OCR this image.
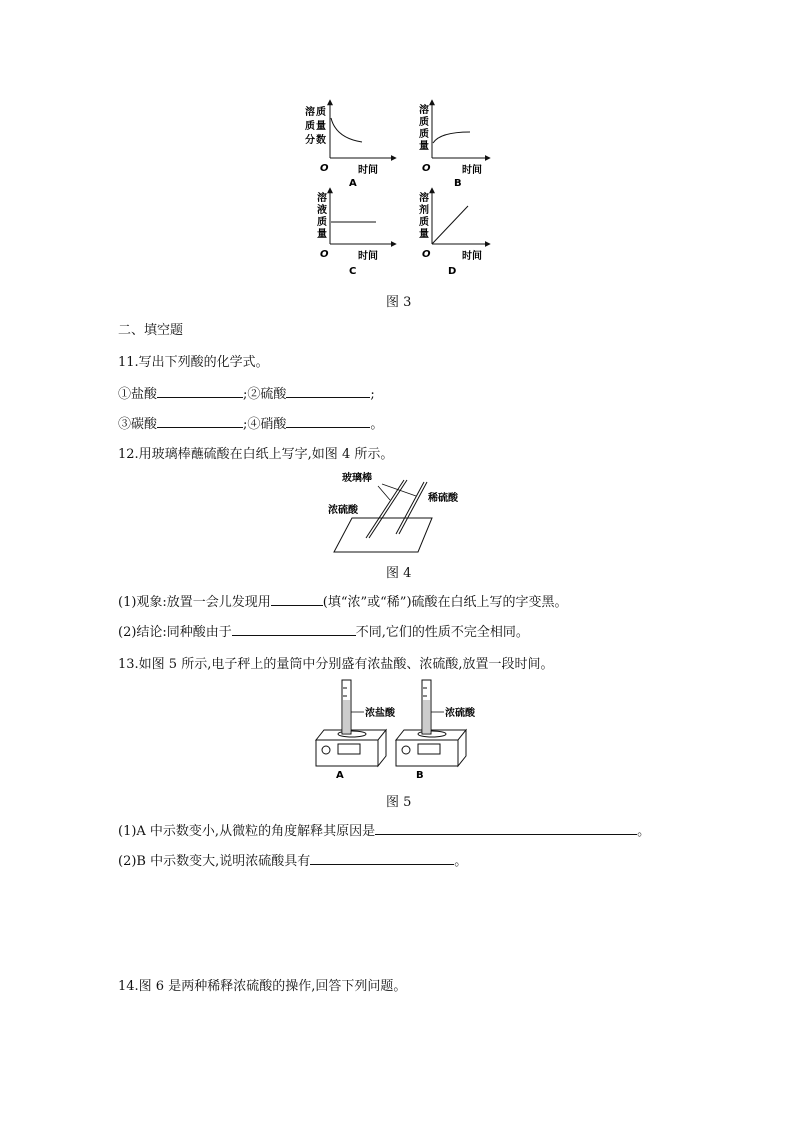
溶 质
质 量
分 数
O	时间
A
溶
质
质
量
O	时间
B
溶
液
质
量
O	时间
C
溶
剂
质
量
O	时间
D
图 3
二、填空题
11.写出下列酸的化学式。
①盐酸	;②硫酸	;
③碳酸	;④硝酸	。
12.用玻璃棒蘸硫酸在白纸上写字,如图 4 所示。
玻璃棒
稀硫酸
浓硫酸
图 4
(1)观象:放置一会儿发现用	(填“浓”或“稀”)硫酸在白纸上写的字变黑。
(2)结论:同种酸由于	不同,它们的性质不完全相同。
13.如图 5 所示,电子秤上的量筒中分别盛有浓盐酸、浓硫酸,放置一段时间。
浓盐酸
A
浓硫酸
B
图 5
(1)A 中示数变小,从微粒的角度解释其原因是	。
(2)B 中示数变大,说明浓硫酸具有	。
14.图 6 是两种稀释浓硫酸的操作,回答下列问题。
